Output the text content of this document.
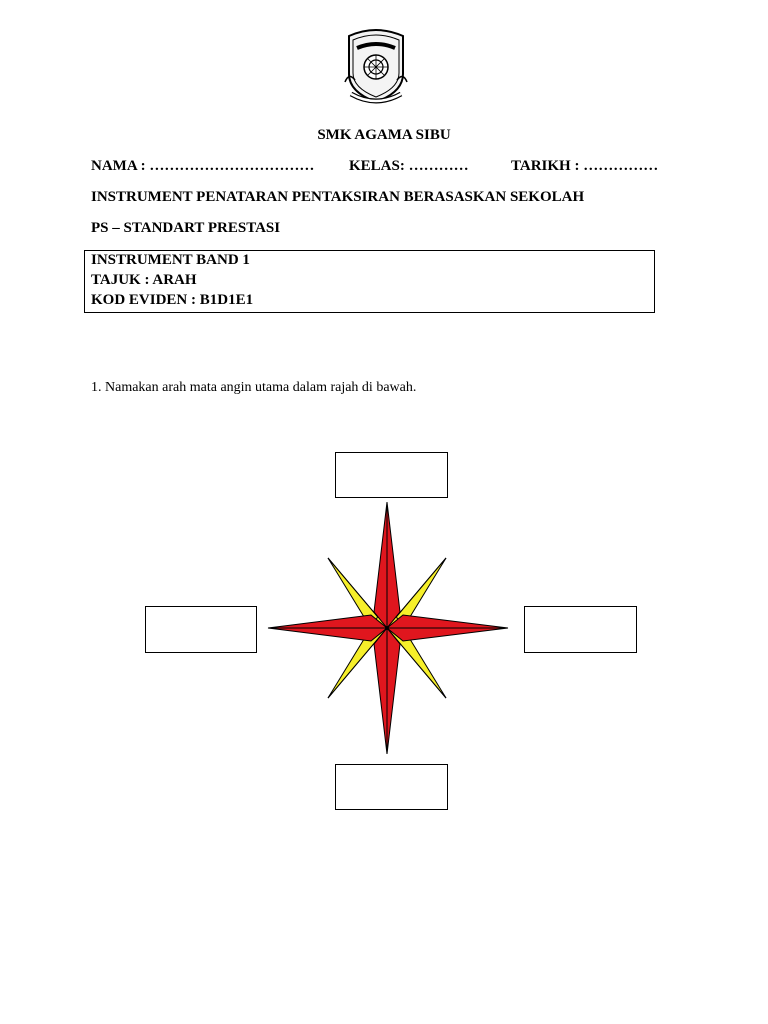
SMK AGAMA SIBU
NAMA : …………………………… KELAS: …………	TARIKH : ……………
INSTRUMENT PENATARAN PENTAKSIRAN BERASASKAN SEKOLAH
PS – STANDART PRESTASI
INSTRUMENT BAND 1
TAJUK : ARAH
KOD EVIDEN : B1D1E1
1. Namakan arah mata angin utama dalam rajah di bawah.
